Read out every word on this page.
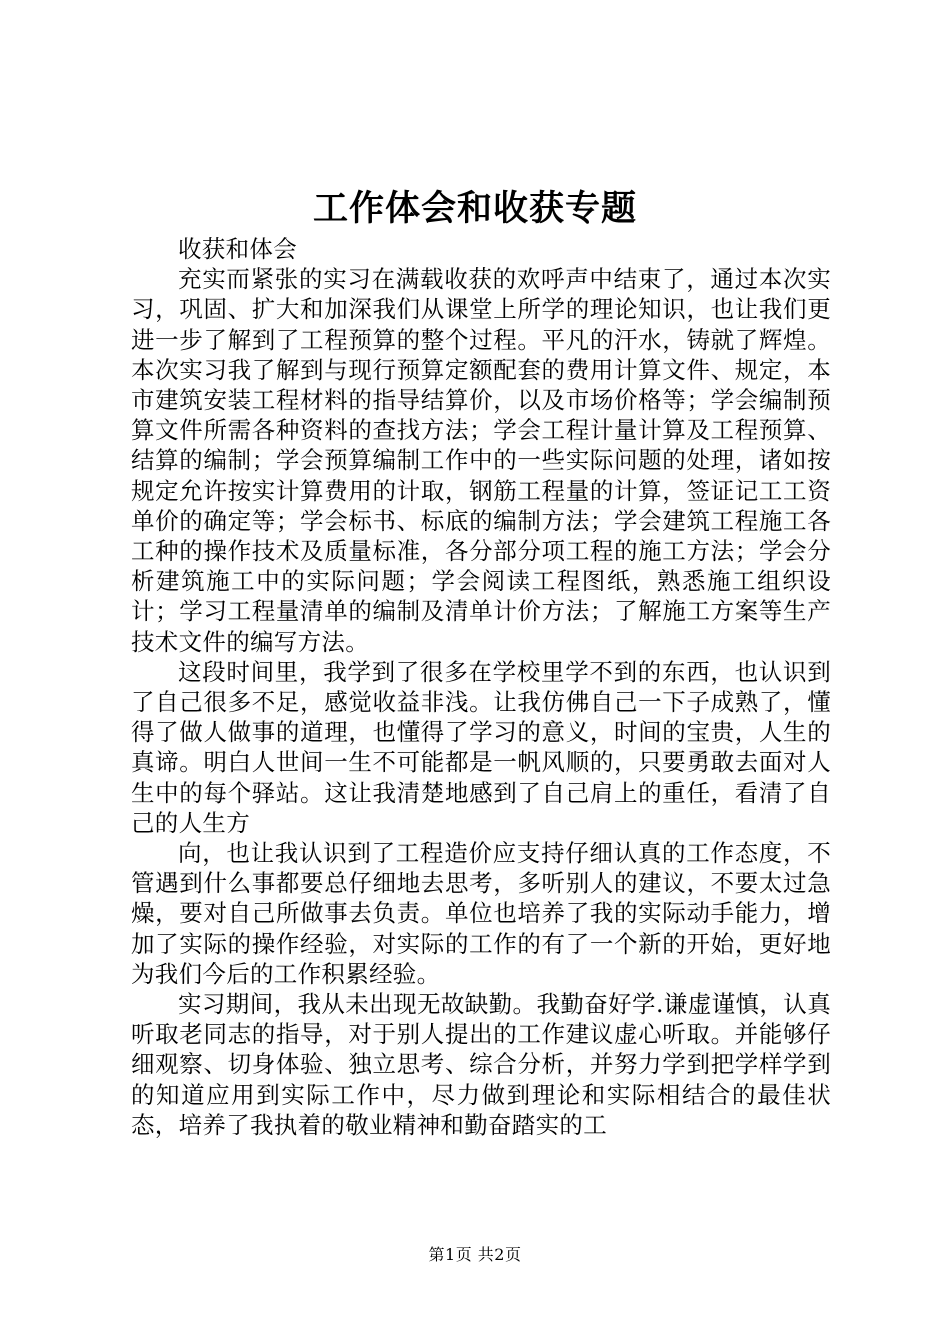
工作体会和收获专题

收获和体会

充实而紧张的实习在满载收获的欢呼声中结束了，通过本次实习，巩固、扩大和加深我们从课堂上所学的理论知识，也让我们更进一步了解到了工程预算的整个过程。平凡的汗水，铸就了辉煌。本次实习我了解到与现行预算定额配套的费用计算文件、规定，本市建筑安装工程材料的指导结算价，以及市场价格等；学会编制预算文件所需各种资料的查找方法；学会工程计量计算及工程预算、结算的编制；学会预算编制工作中的一些实际问题的处理，诸如按规定允许按实计算费用的计取，钢筋工程量的计算，签证记工工资单价的确定等；学会标书、标底的编制方法；学会建筑工程施工各工种的操作技术及质量标准，各分部分项工程的施工方法；学会分析建筑施工中的实际问题；学会阅读工程图纸，熟悉施工组织设计；学习工程量清单的编制及清单计价方法；了解施工方案等生产技术文件的编写方法。

这段时间里，我学到了很多在学校里学不到的东西，也认识到了自己很多不足，感觉收益非浅。让我仿佛自己一下子成熟了，懂得了做人做事的道理，也懂得了学习的意义，时间的宝贵，人生的真谛。明白人世间一生不可能都是一帆风顺的，只要勇敢去面对人生中的每个驿站。这让我清楚地感到了自己肩上的重任，看清了自己的人生方

向，也让我认识到了工程造价应支持仔细认真的工作态度，不管遇到什么事都要总仔细地去思考，多听别人的建议，不要太过急燥，要对自己所做事去负责。单位也培养了我的实际动手能力，增加了实际的操作经验，对实际的工作的有了一个新的开始，更好地为我们今后的工作积累经验。

实习期间，我从未出现无故缺勤。我勤奋好学.谦虚谨慎，认真听取老同志的指导，对于别人提出的工作建议虚心听取。并能够仔细观察、切身体验、独立思考、综合分析，并努力学到把学样学到的知道应用到实际工作中，尽力做到理论和实际相结合的最佳状态，培养了我执着的敬业精神和勤奋踏实的工

第1页 共2页
